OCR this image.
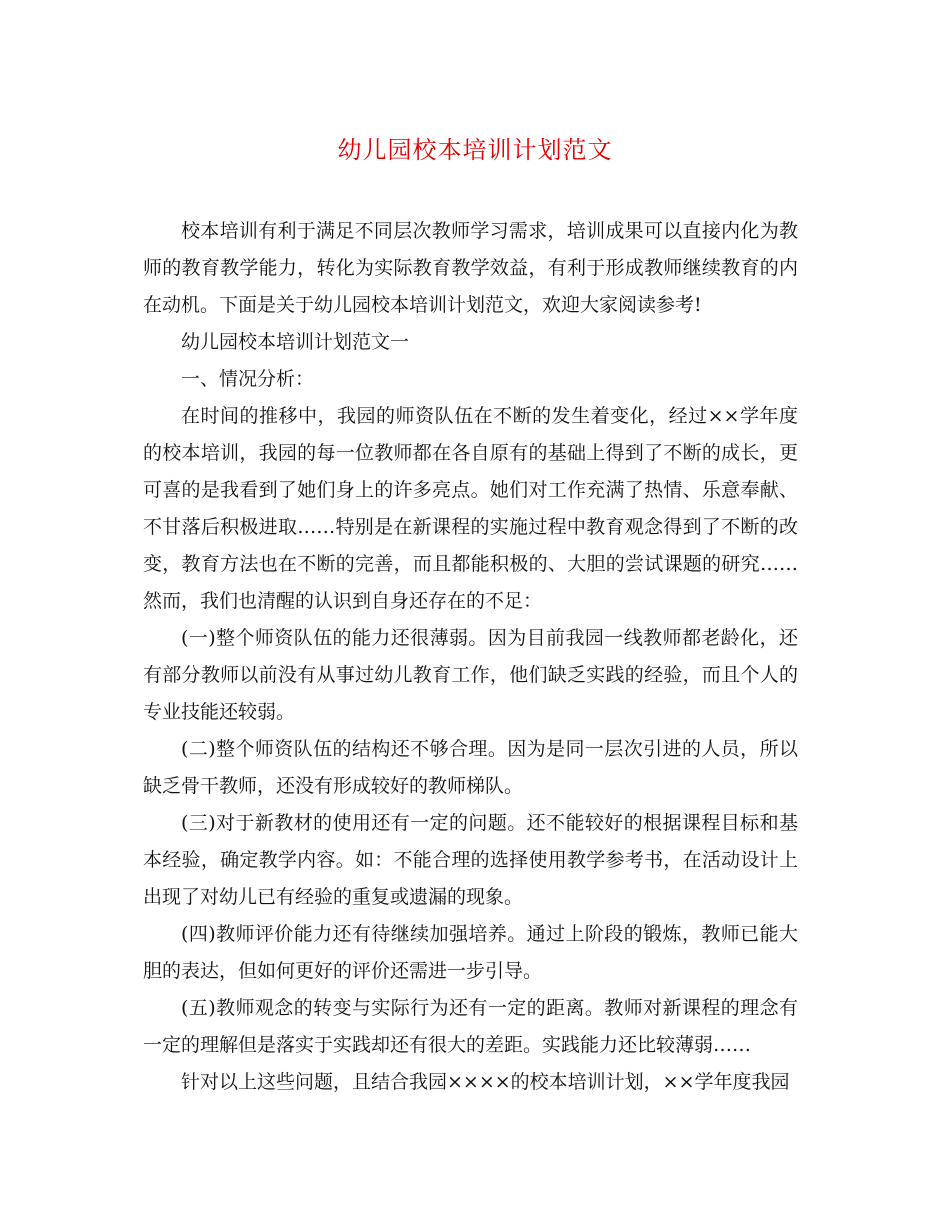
幼儿园校本培训计划范文

校本培训有利于满足不同层次教师学习需求，培训成果可以直接内化为教师的教育教学能力，转化为实际教育教学效益，有利于形成教师继续教育的内在动机。下面是关于幼儿园校本培训计划范文，欢迎大家阅读参考!

幼儿园校本培训计划范文一

一、情况分析：

在时间的推移中，我园的师资队伍在不断的发生着变化，经过××学年度的校本培训，我园的每一位教师都在各自原有的基础上得到了不断的成长，更可喜的是我看到了她们身上的许多亮点。她们对工作充满了热情、乐意奉献、不甘落后积极进取……特别是在新课程的实施过程中教育观念得到了不断的改变，教育方法也在不断的完善，而且都能积极的、大胆的尝试课题的研究……然而，我们也清醒的认识到自身还存在的不足：

(一)整个师资队伍的能力还很薄弱。因为目前我园一线教师都老龄化，还有部分教师以前没有从事过幼儿教育工作，他们缺乏实践的经验，而且个人的专业技能还较弱。

(二)整个师资队伍的结构还不够合理。因为是同一层次引进的人员，所以缺乏骨干教师，还没有形成较好的教师梯队。

(三)对于新教材的使用还有一定的问题。还不能较好的根据课程目标和基本经验，确定教学内容。如：不能合理的选择使用教学参考书，在活动设计上出现了对幼儿已有经验的重复或遗漏的现象。

(四)教师评价能力还有待继续加强培养。通过上阶段的锻炼，教师已能大胆的表达，但如何更好的评价还需进一步引导。

(五)教师观念的转变与实际行为还有一定的距离。教师对新课程的理念有一定的理解但是落实于实践却还有很大的差距。实践能力还比较薄弱……

针对以上这些问题，且结合我园××××的校本培训计划，××学年度我园
